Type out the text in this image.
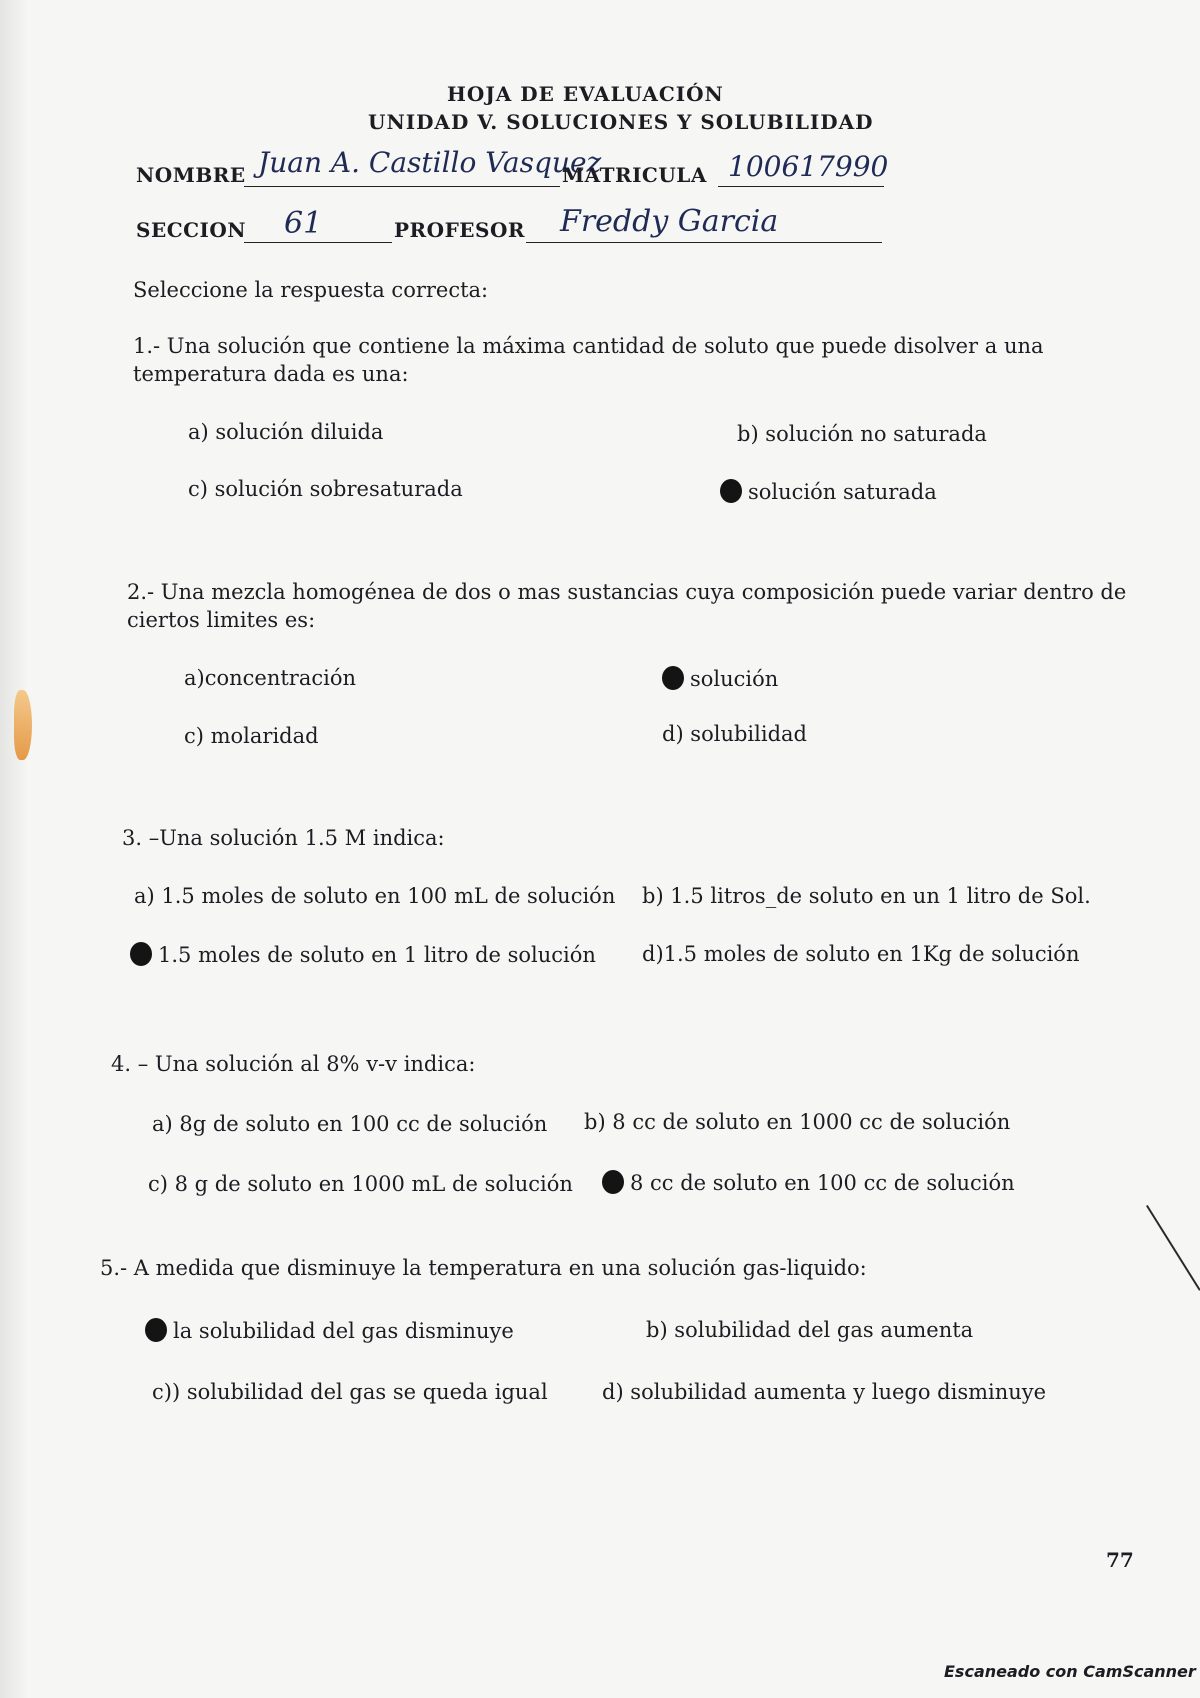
HOJA DE EVALUACIÓN
UNIDAD V. SOLUCIONES Y SOLUBILIDAD
NOMBRE Juan A. Castillo Vasquez
MATRICULA 100617990
SECCION 61	PROFESOR Freddy Garcia
Seleccione la respuesta correcta:
1.- Una solución que contiene la máxima cantidad de soluto que puede disolver a una
temperatura dada es una:
a) solución diluida	b) solución no saturada
c) solución sobresaturada	solución saturada
2.- Una mezcla homogénea de dos o mas sustancias cuya composición puede variar dentro de
ciertos limites es:
a)concentración	solución
c) molaridad	d) solubilidad
3. –Una solución 1.5 M indica:
a) 1.5 moles de soluto en 100 mL de solución b) 1.5 litros_de soluto en un 1 litro de Sol.
1.5 moles de soluto en 1 litro de solución d)1.5 moles de soluto en 1Kg de solución
4. – Una solución al 8% v-v indica:
a) 8g de soluto en 100 cc de solución b) 8 cc de soluto en 1000 cc de solución
c) 8 g de soluto en 1000 mL de solución	8 cc de soluto en 100 cc de solución
5.- A medida que disminuye la temperatura en una solución gas-liquido:
la solubilidad del gas disminuye	b) solubilidad del gas aumenta
c)) solubilidad del gas se queda igual	d) solubilidad aumenta y luego disminuye
77
Escaneado con CamScanner
